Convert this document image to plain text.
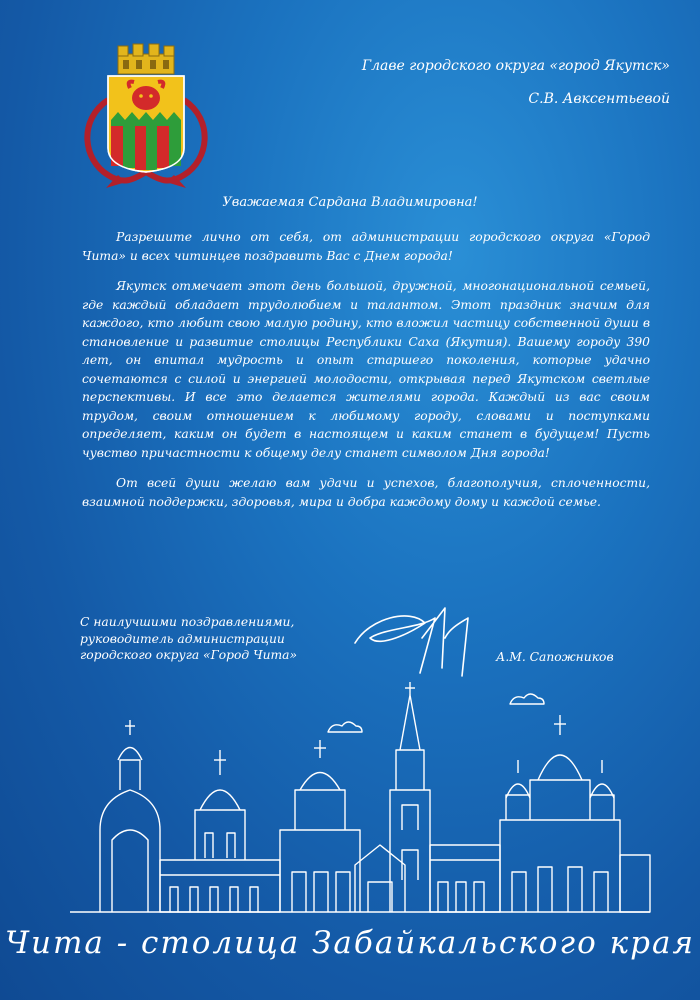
Главе городского округа «город Якутск»
С.В. Авксентьевой
Уважаемая Сардана Владимировна!

Разрешите лично от себя, от администрации городского округа «Город Чита» и всех читинцев поздравить Вас с Днем города!

Якутск отмечает этот день большой, дружной, многонациональной семьей, где каждый обладает трудолюбием и талантом. Этот праздник значим для каждого, кто любит свою малую родину, кто вложил частицу собственной души в становление и развитие столицы Республики Саха (Якутия). Вашему городу 390 лет, он впитал мудрость и опыт старшего поколения, которые удачно сочетаются с силой и энергией молодости, открывая перед Якутском светлые перспективы. И все это делается жителями города. Каждый из вас своим трудом, своим отношением к любимому городу, словами и поступками определяет, каким он будет в настоящем и каким станет в будущем! Пусть чувство причастности к общему делу станет символом Дня города!

От всей души желаю вам удачи и успехов, благополучия, сплоченности, взаимной поддержки, здоровья, мира и добра каждому дому и каждой семье.

С наилучшими поздравлениями,
руководитель администрации
городского округа «Город Чита»	А.М. Сапожников
Чита - столица Забайкальского края
